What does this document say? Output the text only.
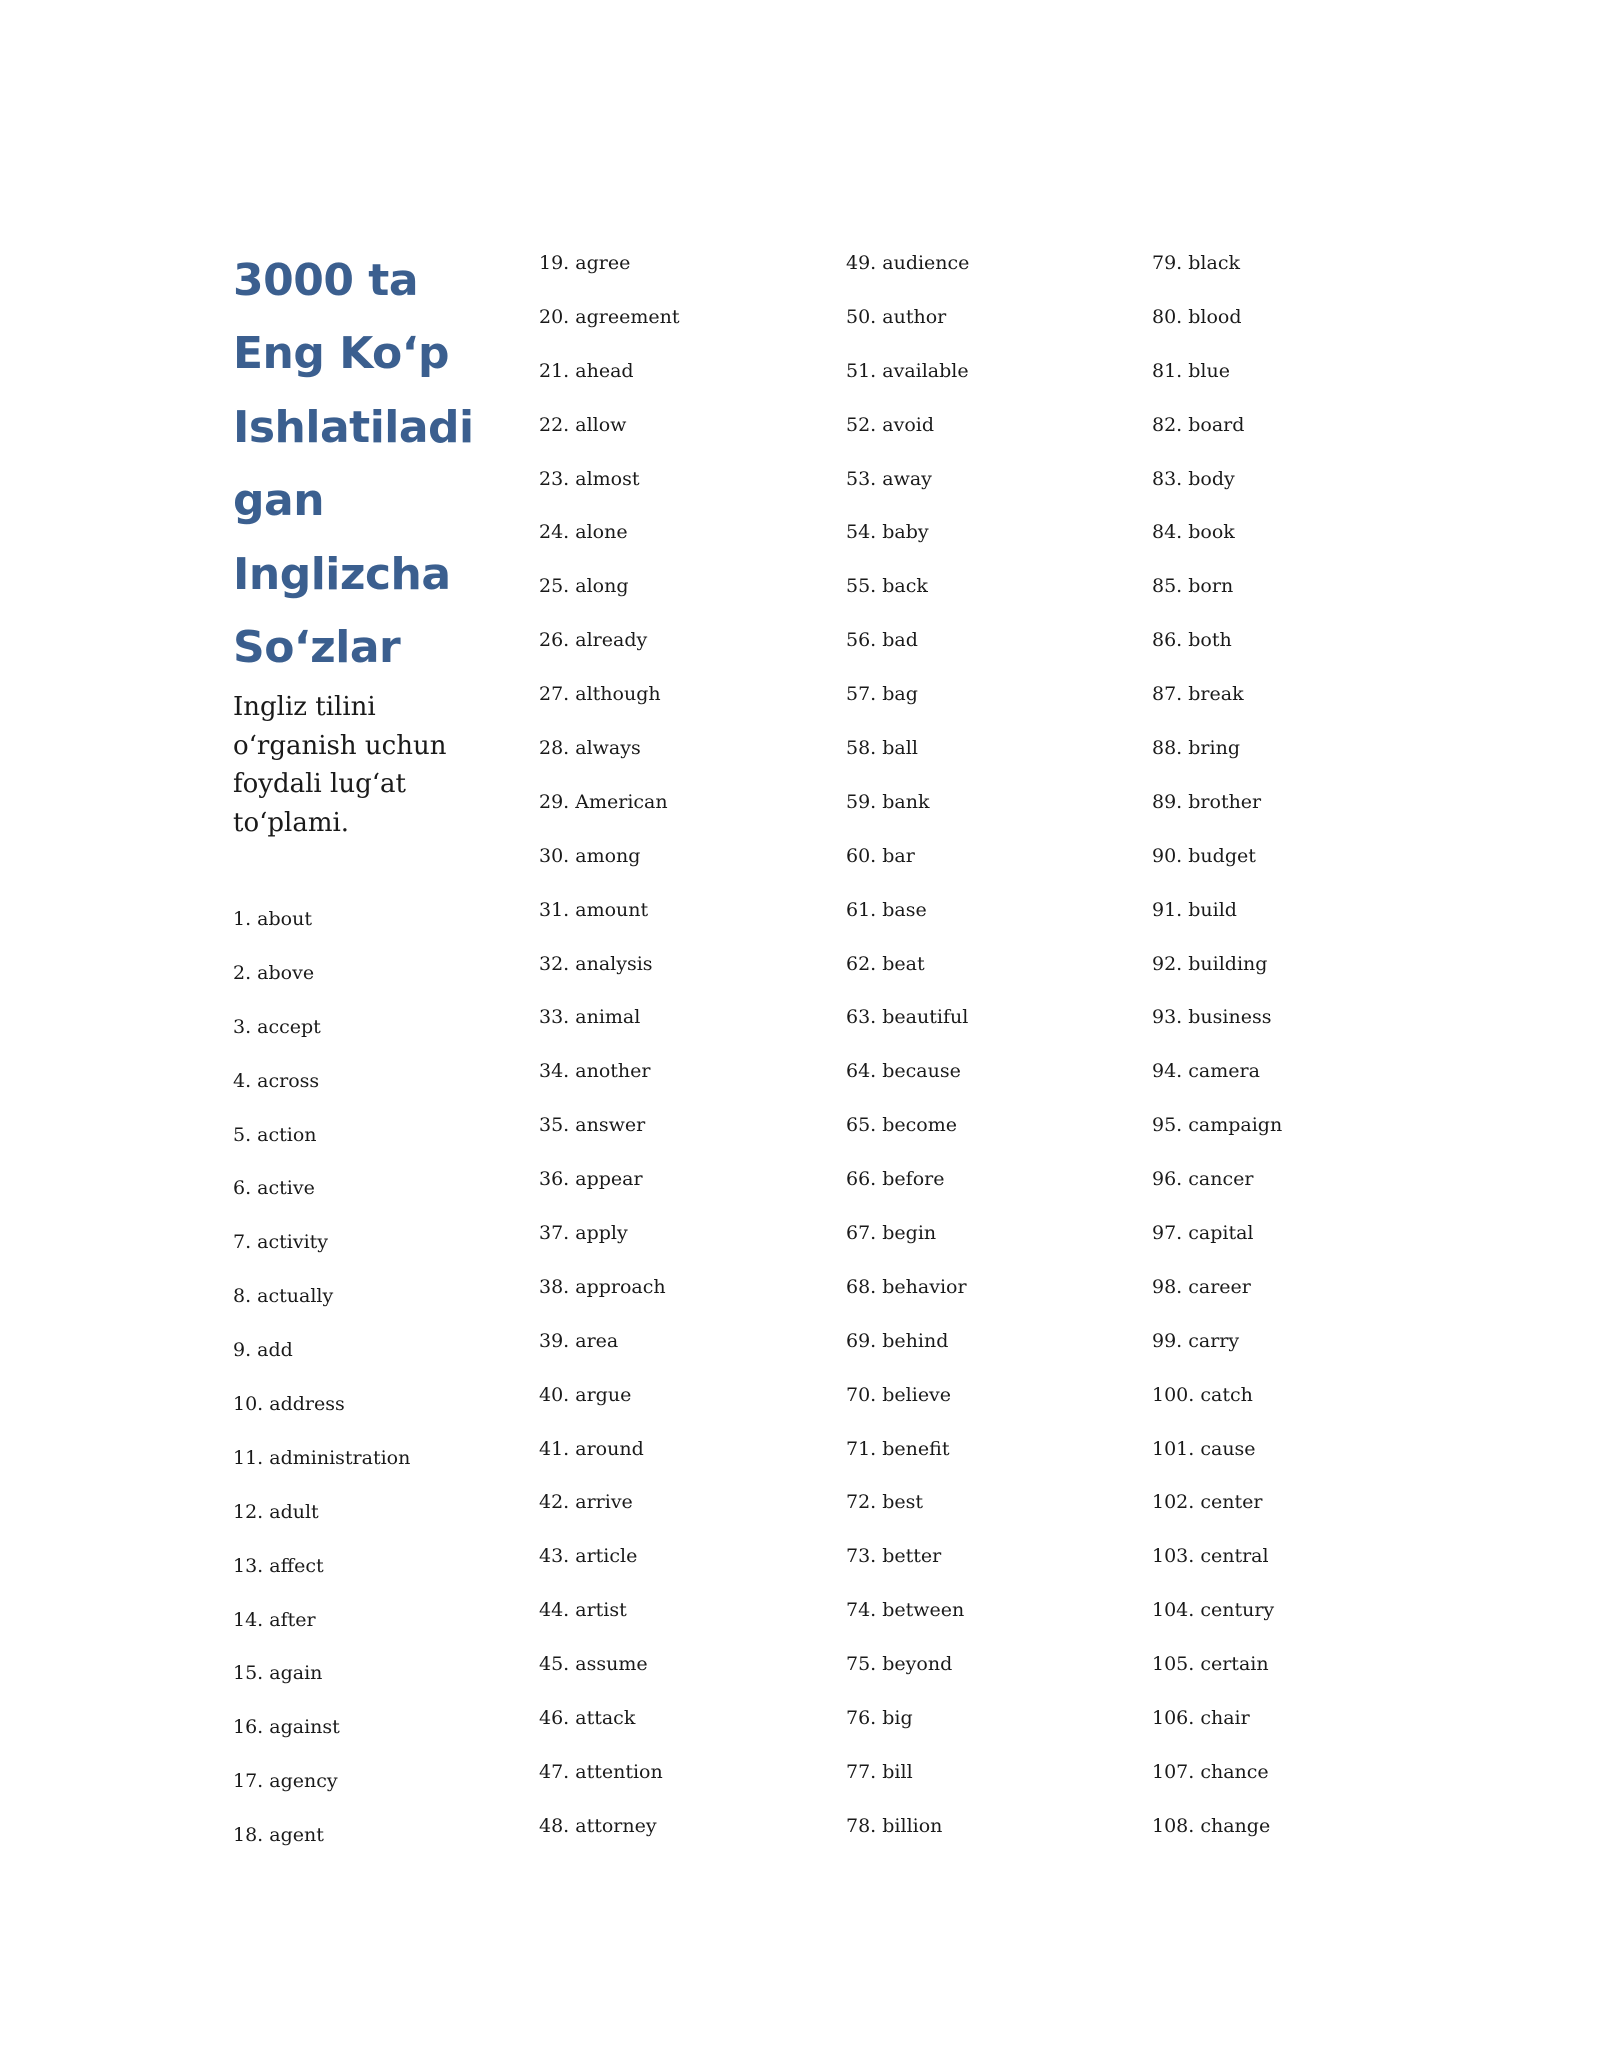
3000 ta
Eng Ko‘p
Ishlatiladi
gan
Inglizcha
So‘zlar

Ingliz tilini
o‘rganish uchun
foydali lug‘at
to‘plami.

1. about
2. above
3. accept
4. across
5. action
6. active
7. activity
8. actually
9. add
10. address
11. administration
12. adult
13. affect
14. after
15. again
16. against
17. agency
18. agent
19. agree
20. agreement
21. ahead
22. allow
23. almost
24. alone
25. along
26. already
27. although
28. always
29. American
30. among
31. amount
32. analysis
33. animal
34. another
35. answer
36. appear
37. apply
38. approach
39. area
40. argue
41. around
42. arrive
43. article
44. artist
45. assume
46. attack
47. attention
48. attorney
49. audience
50. author
51. available
52. avoid
53. away
54. baby
55. back
56. bad
57. bag
58. ball
59. bank
60. bar
61. base
62. beat
63. beautiful
64. because
65. become
66. before
67. begin
68. behavior
69. behind
70. believe
71. benefit
72. best
73. better
74. between
75. beyond
76. big
77. bill
78. billion
79. black
80. blood
81. blue
82. board
83. body
84. book
85. born
86. both
87. break
88. bring
89. brother
90. budget
91. build
92. building
93. business
94. camera
95. campaign
96. cancer
97. capital
98. career
99. carry
100. catch
101. cause
102. center
103. central
104. century
105. certain
106. chair
107. chance
108. change
